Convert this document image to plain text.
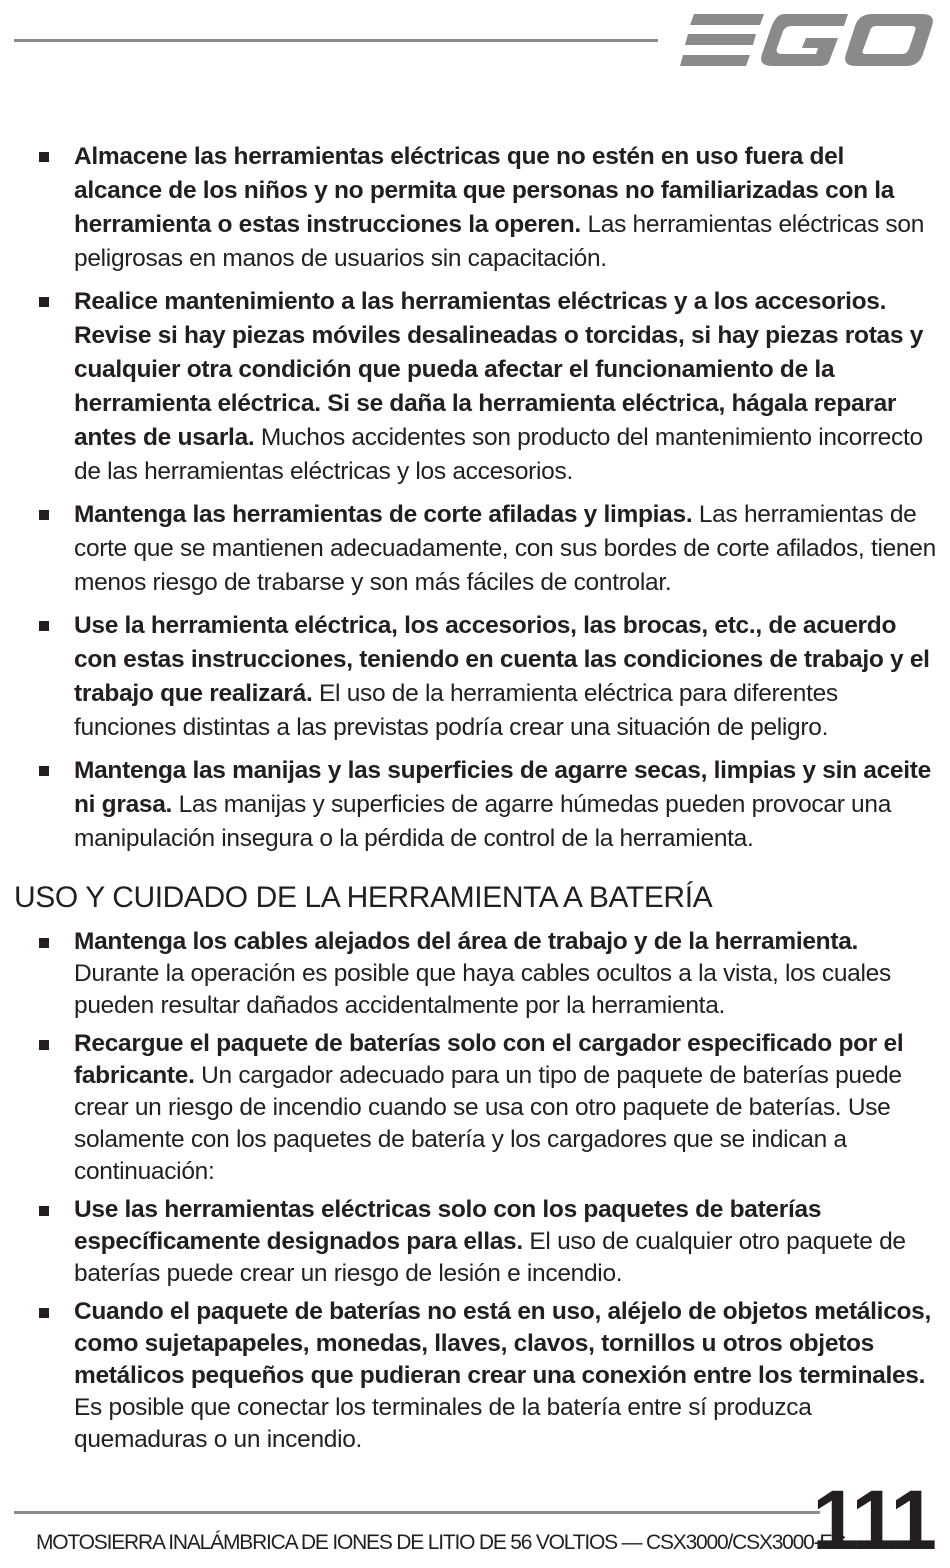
Almacene las herramientas eléctricas que no estén en uso fuera del alcance de los niños y no permita que personas no familiarizadas con la herramienta o estas instrucciones la operen. Las herramientas eléctricas son peligrosas en manos de usuarios sin capacitación.
Realice mantenimiento a las herramientas eléctricas y a los accesorios. Revise si hay piezas móviles desalineadas o torcidas, si hay piezas rotas y cualquier otra condición que pueda afectar el funcionamiento de la herramienta eléctrica. Si se daña la herramienta eléctrica, hágala reparar antes de usarla. Muchos accidentes son producto del mantenimiento incorrecto de las herramientas eléctricas y los accesorios.
Mantenga las herramientas de corte afiladas y limpias. Las herramientas de corte que se mantienen adecuadamente, con sus bordes de corte afilados, tienen menos riesgo de trabarse y son más fáciles de controlar.
Use la herramienta eléctrica, los accesorios, las brocas, etc., de acuerdo con estas instrucciones, teniendo en cuenta las condiciones de trabajo y el trabajo que realizará. El uso de la herramienta eléctrica para diferentes funciones distintas a las previstas podría crear una situación de peligro.
Mantenga las manijas y las superficies de agarre secas, limpias y sin aceite ni grasa. Las manijas y superficies de agarre húmedas pueden provocar una manipulación insegura o la pérdida de control de la herramienta.
USO Y CUIDADO DE LA HERRAMIENTA A BATERÍA
Mantenga los cables alejados del área de trabajo y de la herramienta. Durante la operación es posible que haya cables ocultos a la vista, los cuales pueden resultar dañados accidentalmente por la herramienta.
Recargue el paquete de baterías solo con el cargador especificado por el fabricante. Un cargador adecuado para un tipo de paquete de baterías puede crear un riesgo de incendio cuando se usa con otro paquete de baterías. Use solamente con los paquetes de batería y los cargadores que se indican a continuación:
Use las herramientas eléctricas solo con los paquetes de baterías específicamente designados para ellas. El uso de cualquier otro paquete de baterías puede crear un riesgo de lesión e incendio.
Cuando el paquete de baterías no está en uso, aléjelo de objetos metálicos, como sujetapapeles, monedas, llaves, clavos, tornillos u otros objetos metálicos pequeños que pudieran crear una conexión entre los terminales. Es posible que conectar los terminales de la batería entre sí produzca quemaduras o un incendio.
MOTOSIERRA INALÁMBRICA DE IONES DE LITIO DE 56 VOLTIOS — CSX3000/CSX3000-FC
111
